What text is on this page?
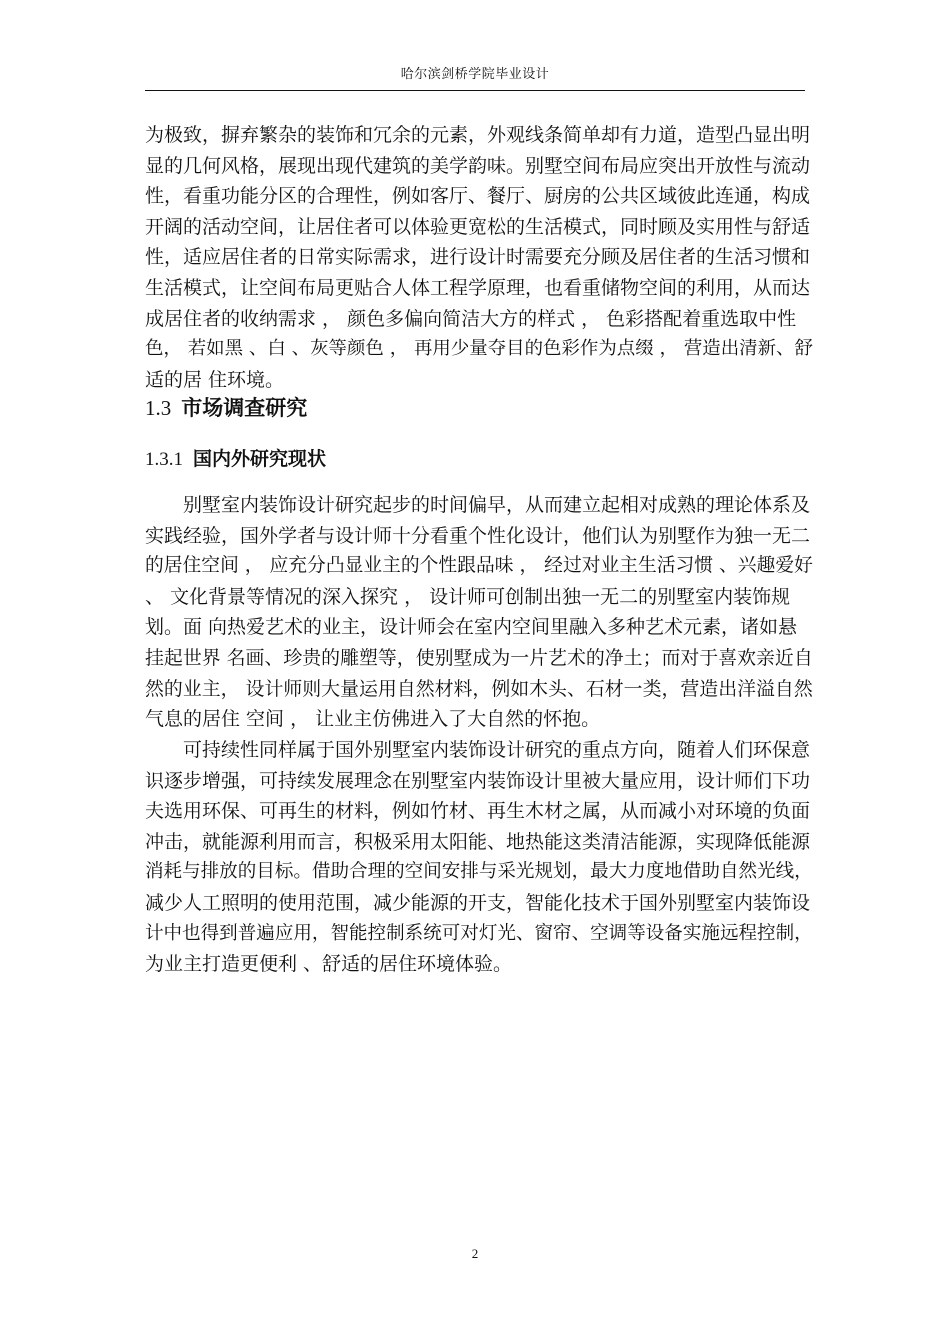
哈尔滨剑桥学院毕业设计

为极致，摒弃繁杂的装饰和冗余的元素，外观线条简单却有力道，造型凸显出明
显的几何风格，展现出现代建筑的美学韵味。别墅空间布局应突出开放性与流动
性，看重功能分区的合理性，例如客厅、餐厅、厨房的公共区域彼此连通，构成
开阔的活动空间，让居住者可以体验更宽松的生活模式，同时顾及实用性与舒适
性，适应居住者的日常实际需求，进行设计时需要充分顾及居住者的生活习惯和
生活模式，让空间布局更贴合人体工程学原理，也看重储物空间的利用，从而达
成居住者的收纳需求 ， 颜色多偏向简洁大方的样式 ， 色彩搭配着重选取中性
色， 若如黑 、白 、灰等颜色 ， 再用少量夺目的色彩作为点缀 ， 营造出清新、舒
适的居 住环境。

1.3 市场调查研究
1.3.1 国内外研究现状

别墅室内装饰设计研究起步的时间偏早，从而建立起相对成熟的理论体系及
实践经验，国外学者与设计师十分看重个性化设计，他们认为别墅作为独一无二
的居住空间 ， 应充分凸显业主的个性跟品味 ， 经过对业主生活习惯 、兴趣爱好
、 文化背景等情况的深入探究 ， 设计师可创制出独一无二的别墅室内装饰规
划。面 向热爱艺术的业主，设计师会在室内空间里融入多种艺术元素，诸如悬
挂起世界 名画、珍贵的雕塑等，使别墅成为一片艺术的净土；而对于喜欢亲近自
然的业主， 设计师则大量运用自然材料，例如木头、石材一类，营造出洋溢自然
气息的居住 空间 ， 让业主仿佛进入了大自然的怀抱。

可持续性同样属于国外别墅室内装饰设计研究的重点方向，随着人们环保意
识逐步增强，可持续发展理念在别墅室内装饰设计里被大量应用，设计师们下功
夫选用环保、可再生的材料，例如竹材、再生木材之属，从而减小对环境的负面
冲击，就能源利用而言，积极采用太阳能、地热能这类清洁能源，实现降低能源
消耗与排放的目标。借助合理的空间安排与采光规划，最大力度地借助自然光线，
减少人工照明的使用范围，减少能源的开支，智能化技术于国外别墅室内装饰设
计中也得到普遍应用，智能控制系统可对灯光、窗帘、空调等设备实施远程控制，
为业主打造更便利 、舒适的居住环境体验。

2
